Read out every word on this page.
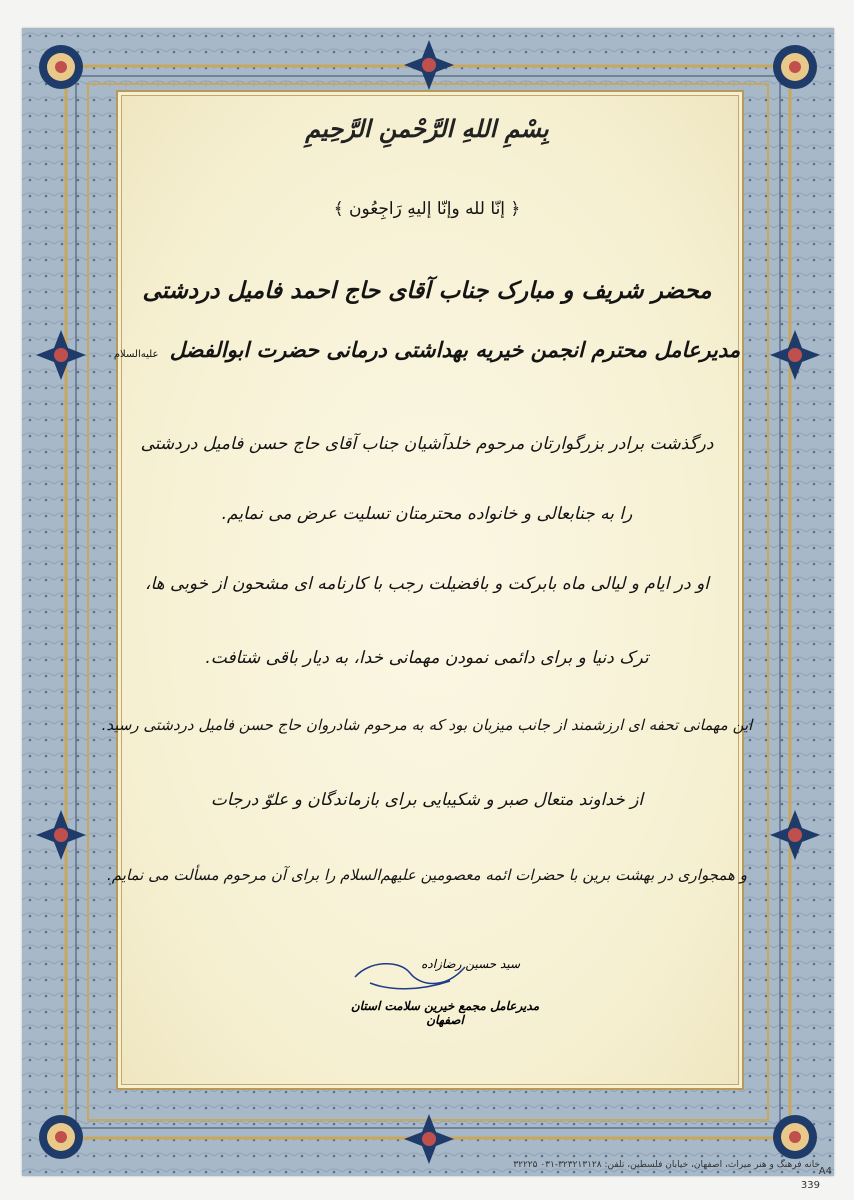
بِسْمِ اللهِ الرَّحْمنِ الرَّحِيمِ
﴿ إنّا لله وإنّا إليهِ رَاجِعُون ﴾
محضر شریف و مبارک جناب آقای حاج احمد فامیل دردشتی
مدیرعامل محترم انجمن خیریه بهداشتی درمانی حضرت ابوالفضل علیه‌السلام
درگذشت برادر بزرگوارتان مرحوم خلدآشیان جناب آقای حاج حسن فامیل دردشتی
را به جنابعالی و خانواده محترمتان تسلیت عرض می نمایم.
او در ایام و لیالی ماه بابرکت و بافضیلت رجب با کارنامه ای مشحون از خوبی ها،
ترک دنیا و برای دائمی نمودن مهمانی خدا، به دیار باقی شتافت.
این مهمانی تحفه ای ارزشمند از جانب میزبان بود که به مرحوم شادروان حاج حسن فامیل دردشتی رسید.
از خداوند متعال صبر و شکیبایی برای بازماندگان و علوّ درجات
و همجواری در بهشت برین با حضرات ائمه معصومین علیهم‌السلام را برای آن مرحوم مسألت می نمایم.
سید حسین رضازاده
مدیرعامل مجمع خیرین سلامت استان اصفهان
خانه فرهنگ و هنر میراث، اصفهان، خیابان فلسطین، تلفن: ۳۲۳۲۱۳۱۲۸-۰۳۱ ۳۲۲۲۵
A4
339
